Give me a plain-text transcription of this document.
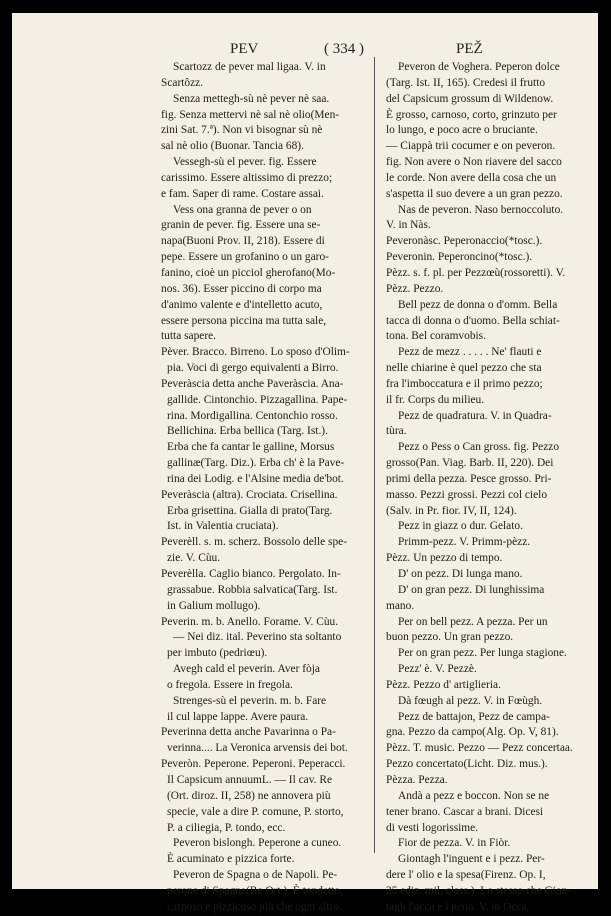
PEV	( 334 )	PEŽ
Scartozz de pever mal ligaa. V. in
Scartôzz.
Senza mettegh-sù nè pever nè saa.
fig. Senza mettervi nè sal nè olio(Men-
zini Sat. 7.ª). Non vi bisognar sù nè
sal nè olio (Buonar. Tancia 68).
Vessegh-sù el pever. fig. Essere
carissimo. Essere altissimo di prezzo;
e fam. Saper di rame. Costare assai.
Vess ona granna de pever o on
granin de pever. fig. Essere una se-
napa(Buoni Prov. II, 218). Essere di
pepe. Essere un grofanino o un garo-
fanino, cioè un picciol gherofano(Mo-
nos. 36). Esser piccino di corpo ma
d'animo valente e d'intelletto acuto,
essere persona piccina ma tutta sale,
tutta sapere.
Pèver. Bracco. Birreno. Lo sposo d'Olim-
pia. Voci di gergo equivalenti a Birro.
Peveràscia detta anche Paveràscia. Ana-
gallide. Cintonchio. Pizzagallina. Pape-
rina. Mordigallina. Centonchio rosso.
Bellichina. Erba bellica (Targ. Ist.).
Erba che fa cantar le galline, Morsus
gallinæ(Targ. Diz.). Erba ch' è la Pave-
rina dei Lodig. e l'Alsine media de'bot.
Peveràscia (altra). Crociata. Crisellina.
Erba grisettina. Gialla di prato(Targ.
Ist. in Valentia cruciata).
Peverèll. s. m. scherz. Bossolo delle spe-
zie. V. Cùu.
Peverèlla. Caglio bianco. Pergolato. In-
grassabue. Robbia salvatica(Targ. Ist.
in Galium mollugo).
Peverin. m. b. Anello. Forame. V. Cùu.
— Nei diz. ital. Peverino sta soltanto
per imbuto (pedriœu).
Avegh cald el peverin. Aver fòja
o fregola. Essere in fregola.
Strenges-sù el peverin. m. b. Fare
il cul lappe lappe. Avere paura.
Peverinna detta anche Pavarinna o Pa-
verinna.... La Veronica arvensis dei bot.
Peveròn. Peperone. Peperoni. Peperacci.
Il Capsicum annuumL. — Il cav. Re
(Ort. diroz. II, 258) ne annovera più
specie, vale a dire P. comune, P. storto,
P. a ciliegia, P. tondo, ecc.
Peveron bislongh. Peperone a cuneo.
È acuminato e pizzica forte.
Peveron de Spagna o de Napoli. Pe-
perone di Spagna(Re Ort.). È tondetto,
carnoso e pizzicoso più che ogni altro.
Peveron de Voghera. Peperon dolce
(Targ. Ist. II, 165). Credesi il frutto
del Capsicum grossum di Wildenow.
È grosso, carnoso, corto, grinzuto per
lo lungo, e poco acre o bruciante.
— Ciappà trii cocumer e on peveron.
fig. Non avere o Non riavere del sacco
le corde. Non avere della cosa che un
s'aspetta il suo devere a un gran pezzo.
Nas de peveron. Naso bernoccoluto.
V. in Nàs.
Peveronàsc. Peperonaccio(*tosc.).
Peveronin. Peperoncino(*tosc.).
Pèzz. s. f. pl. per Pezzœù(rossoretti). V.
Pèzz. Pezzo.
Bell pezz de donna o d'omm. Bella
tacca di donna o d'uomo. Bella schiat-
tona. Bel coramvobis.
Pezz de mezz . . . . . Ne' flauti e
nelle chiarine è quel pezzo che sta
fra l'imboccatura e il primo pezzo;
il fr. Corps du milieu.
Pezz de quadratura. V. in Quadra-
tùra.
Pezz o Pess o Can gross. fig. Pezzo
grosso(Pan. Viag. Barb. II, 220). Dei
primi della pezza. Pesce grosso. Pri-
masso. Pezzi grossi. Pezzi col cielo
(Salv. in Pr. fior. IV, II, 124).
Pezz in giazz o dur. Gelato.
Primm-pezz. V. Primm-pèzz.
Pèzz. Un pezzo di tempo.
D' on pezz. Di lunga mano.
D' on gran pezz. Di lunghissima
mano.
Per on bell pezz. A pezza. Per un
buon pezzo. Un gran pezzo.
Per on gran pezz. Per lunga stagione.
Pezz' è. V. Pezzè.
Pèzz. Pezzo d' artiglieria.
Dà fœugh al pezz. V. in Fœùgh.
Pezz de battajon, Pezz de campa-
gna. Pezzo da campo(Alg. Op. V, 81).
Pèzz. T. music. Pezzo — Pezz concertaa.
Pezzo concertato(Licht. Diz. mus.).
Pèzza. Pezza.
Andà a pezz e boccon. Non se ne
tener brano. Cascar a brani. Dicesi
di vesti logorissime.
Fior de pezza. V. in Fiòr.
Giontagh l'inguent e i pezz. Per-
dere l' olio e la spesa(Firenz. Op. I,
25 ediz. mil. class.). Lo stesso che Gion-
tagh l'occa e i penn. V. in Òcca.
